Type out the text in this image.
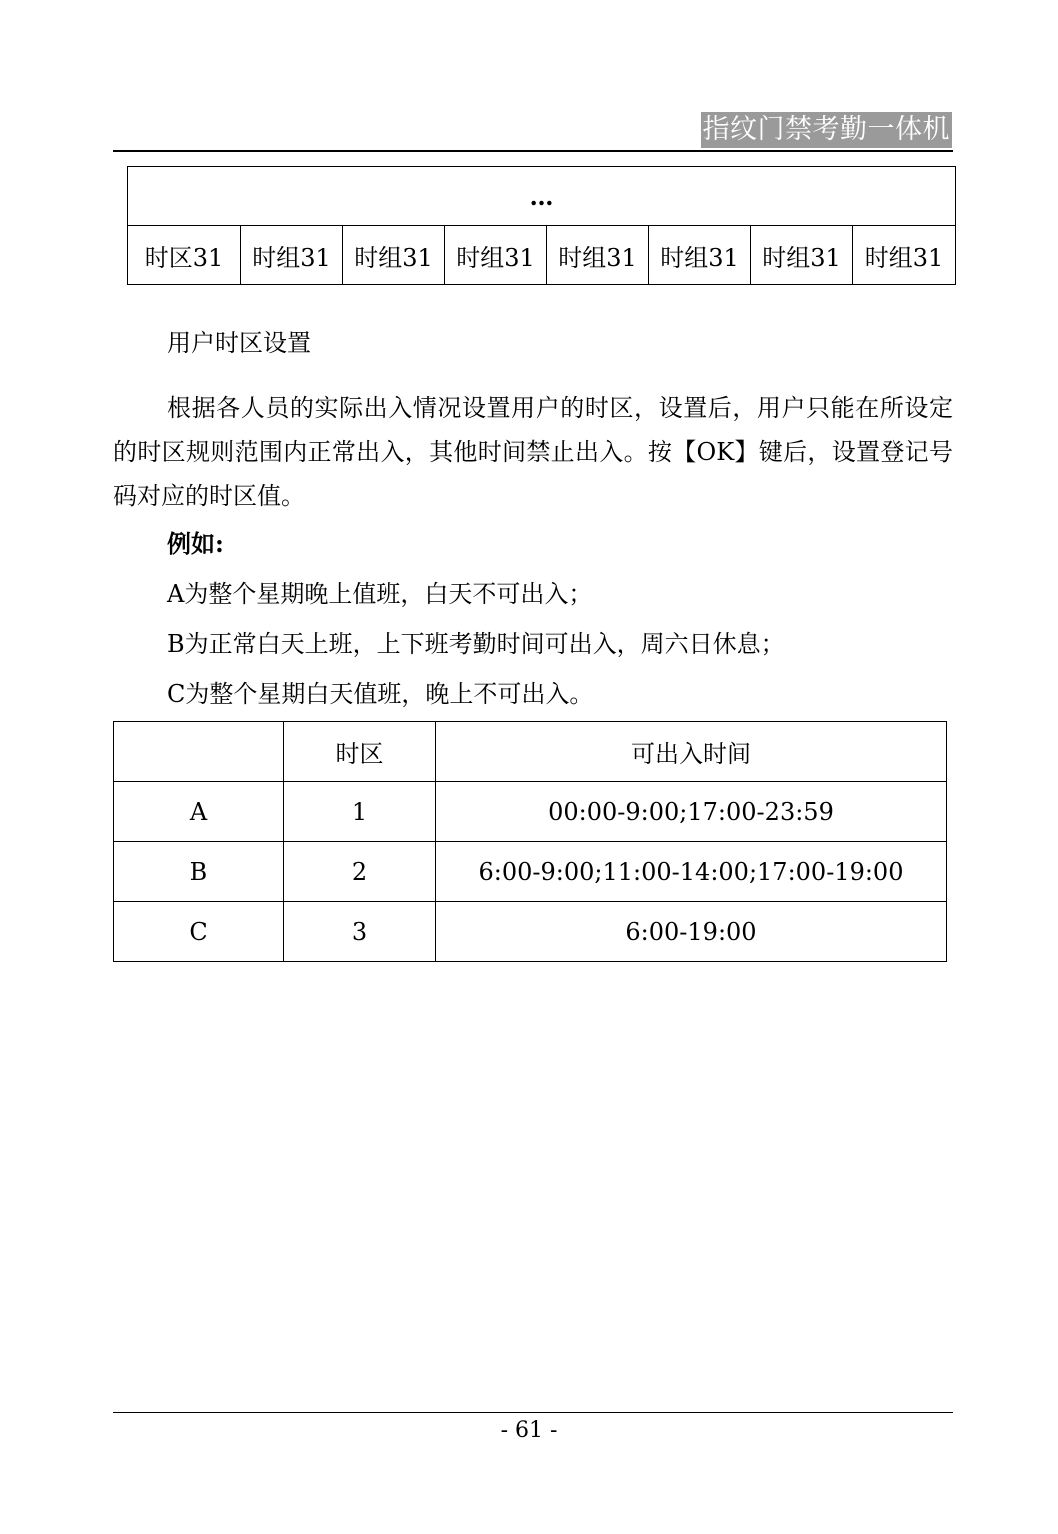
指纹门禁考勤一体机
…
时区31	时组31	时组31	时组31	时组31	时组31	时组31	时组31

用户时区设置

根据各人员的实际出入情况设置用户的时区，设置后，用户只能在所设定的时区规则范围内正常出入，其他时间禁止出入。按【OK】键后，设置登记号码对应的时区值。

例如:

A为整个星期晚上值班，白天不可出入；

B为正常白天上班，上下班考勤时间可出入，周六日休息；

C为整个星期白天值班，晚上不可出入。

	时区	可出入时间
A	1	00:00-9:00;17:00-23:59
B	2	6:00-9:00;11:00-14:00;17:00-19:00
C	3	6:00-19:00
- 61 -
